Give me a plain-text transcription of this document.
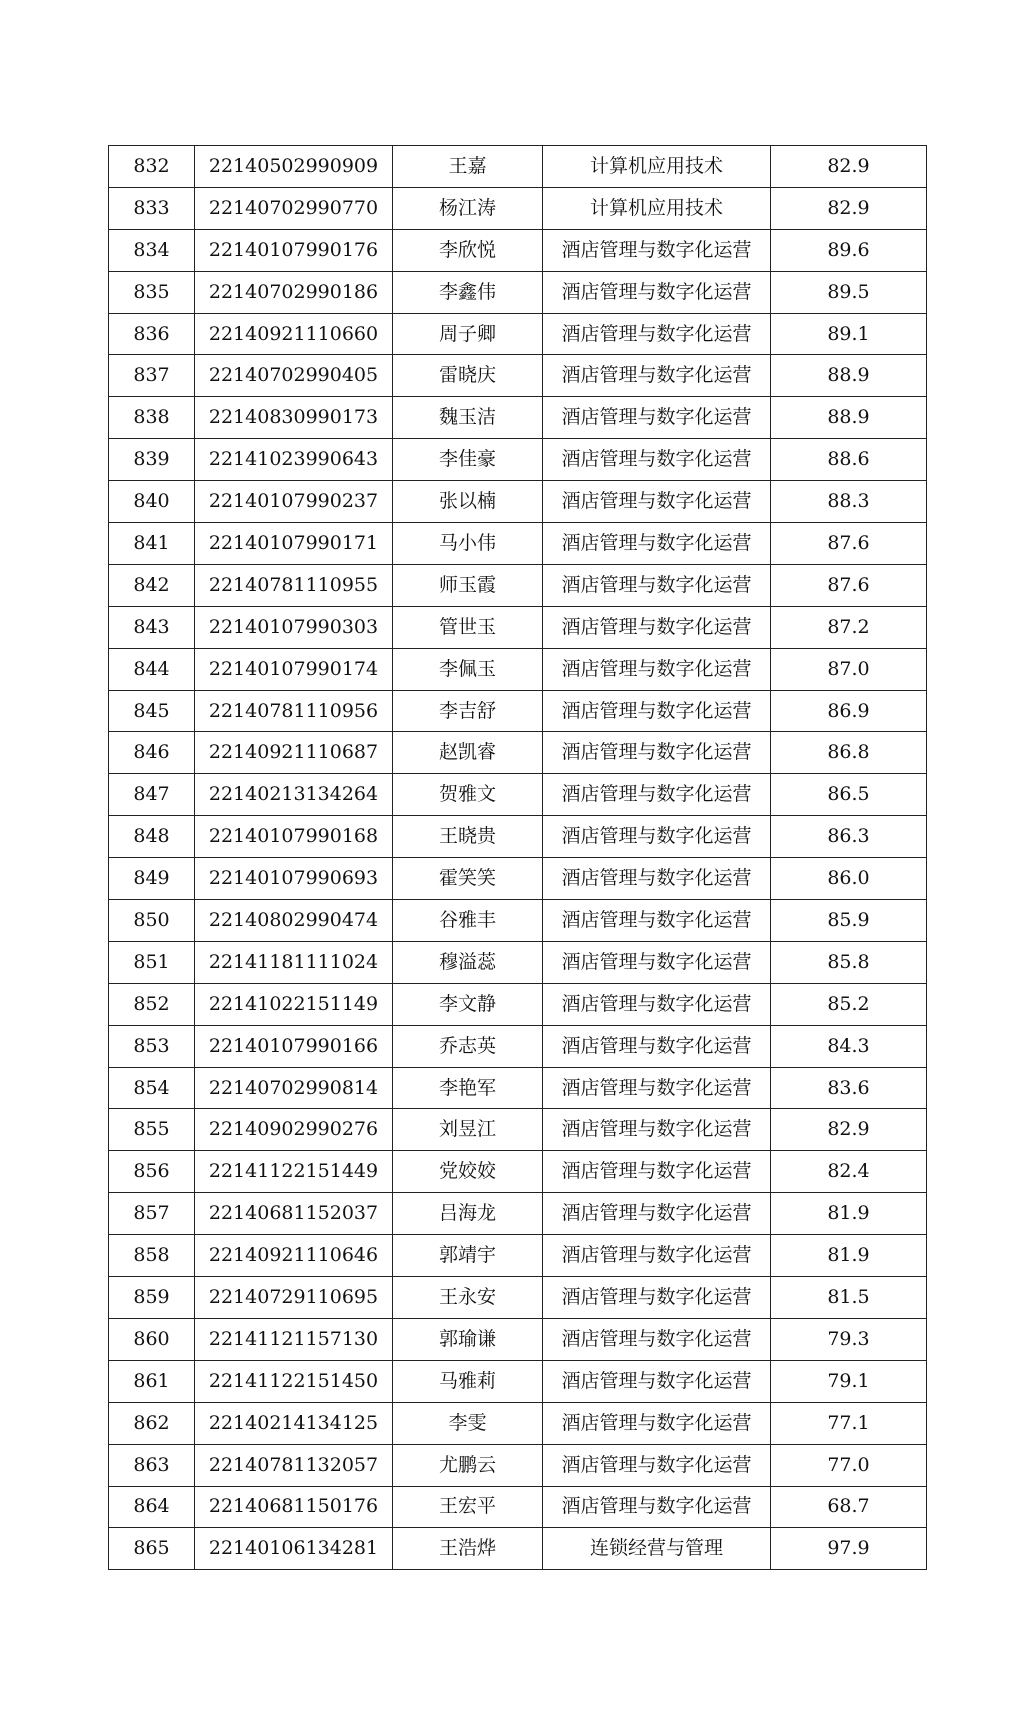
832	22140502990909	王嘉	计算机应用技术	82.9
833	22140702990770	杨江涛	计算机应用技术	82.9
834	22140107990176	李欣悦	酒店管理与数字化运营	89.6
835	22140702990186	李鑫伟	酒店管理与数字化运营	89.5
836	22140921110660	周子卿	酒店管理与数字化运营	89.1
837	22140702990405	雷晓庆	酒店管理与数字化运营	88.9
838	22140830990173	魏玉洁	酒店管理与数字化运营	88.9
839	22141023990643	李佳豪	酒店管理与数字化运营	88.6
840	22140107990237	张以楠	酒店管理与数字化运营	88.3
841	22140107990171	马小伟	酒店管理与数字化运营	87.6
842	22140781110955	师玉霞	酒店管理与数字化运营	87.6
843	22140107990303	管世玉	酒店管理与数字化运营	87.2
844	22140107990174	李佩玉	酒店管理与数字化运营	87.0
845	22140781110956	李吉舒	酒店管理与数字化运营	86.9
846	22140921110687	赵凯睿	酒店管理与数字化运营	86.8
847	22140213134264	贺雅文	酒店管理与数字化运营	86.5
848	22140107990168	王晓贵	酒店管理与数字化运营	86.3
849	22140107990693	霍笑笑	酒店管理与数字化运营	86.0
850	22140802990474	谷雅丰	酒店管理与数字化运营	85.9
851	22141181111024	穆溢蕊	酒店管理与数字化运营	85.8
852	22141022151149	李文静	酒店管理与数字化运营	85.2
853	22140107990166	乔志英	酒店管理与数字化运营	84.3
854	22140702990814	李艳军	酒店管理与数字化运营	83.6
855	22140902990276	刘昱江	酒店管理与数字化运营	82.9
856	22141122151449	党姣姣	酒店管理与数字化运营	82.4
857	22140681152037	吕海龙	酒店管理与数字化运营	81.9
858	22140921110646	郭靖宇	酒店管理与数字化运营	81.9
859	22140729110695	王永安	酒店管理与数字化运营	81.5
860	22141121157130	郭瑜谦	酒店管理与数字化运营	79.3
861	22141122151450	马雅莉	酒店管理与数字化运营	79.1
862	22140214134125	李雯	酒店管理与数字化运营	77.1
863	22140781132057	尤鹏云	酒店管理与数字化运营	77.0
864	22140681150176	王宏平	酒店管理与数字化运营	68.7
865	22140106134281	王浩烨	连锁经营与管理	97.9
